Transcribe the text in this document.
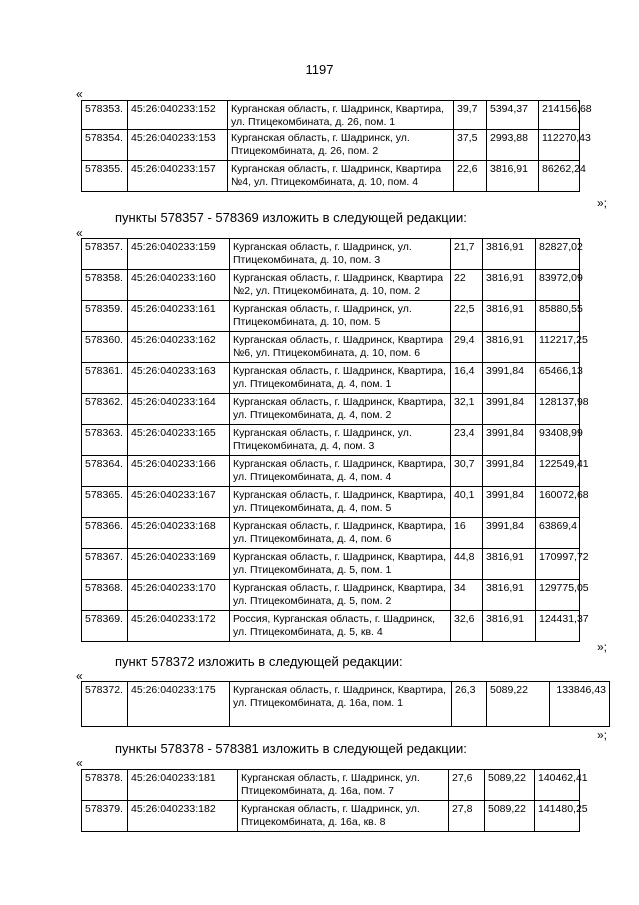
1197
«
578353.	45:26:040233:152	Курганская область, г. Шадринск, Квартира, ул. Птицекомбината, д. 26, пом. 1	39,7	5394,37	214156,68
578354.	45:26:040233:153	Курганская область, г. Шадринск, ул. Птицекомбината, д. 26, пом. 2	37,5	2993,88	112270,43
578355.	45:26:040233:157	Курганская область, г. Шадринск, Квартира №4, ул. Птицекомбината, д. 10, пом. 4	22,6	3816,91	86262,24
»;
пункты 578357 - 578369 изложить в следующей редакции:
«
578357.	45:26:040233:159	Курганская область, г. Шадринск, ул. Птицекомбината, д. 10, пом. 3	21,7	3816,91	82827,02
578358.	45:26:040233:160	Курганская область, г. Шадринск, Квартира №2, ул. Птицекомбината, д. 10, пом. 2	22	3816,91	83972,09
578359.	45:26:040233:161	Курганская область, г. Шадринск, ул. Птицекомбината, д. 10, пом. 5	22,5	3816,91	85880,55
578360.	45:26:040233:162	Курганская область, г. Шадринск, Квартира №6, ул. Птицекомбината, д. 10, пом. 6	29,4	3816,91	112217,25
578361.	45:26:040233:163	Курганская область, г. Шадринск, Квартира, ул. Птицекомбината, д. 4, пом. 1	16,4	3991,84	65466,13
578362.	45:26:040233:164	Курганская область, г. Шадринск, Квартира, ул. Птицекомбината, д. 4, пом. 2	32,1	3991,84	128137,98
578363.	45:26:040233:165	Курганская область, г. Шадринск, ул. Птицекомбината, д. 4, пом. 3	23,4	3991,84	93408,99
578364.	45:26:040233:166	Курганская область, г. Шадринск, Квартира, ул. Птицекомбината, д. 4, пом. 4	30,7	3991,84	122549,41
578365.	45:26:040233:167	Курганская область, г. Шадринск, Квартира, ул. Птицекомбината, д. 4, пом. 5	40,1	3991,84	160072,68
578366.	45:26:040233:168	Курганская область, г. Шадринск, Квартира, ул. Птицекомбината, д. 4, пом. 6	16	3991,84	63869,4
578367.	45:26:040233:169	Курганская область, г. Шадринск, Квартира, ул. Птицекомбината, д. 5, пом. 1	44,8	3816,91	170997,72
578368.	45:26:040233:170	Курганская область, г. Шадринск, Квартира, ул. Птицекомбината, д. 5, пом. 2	34	3816,91	129775,05
578369.	45:26:040233:172	Россия, Курганская область, г. Шадринск, ул. Птицекомбината, д. 5, кв. 4	32,6	3816,91	124431,37
»;
пункт 578372 изложить в следующей редакции:
«
578372.	45:26:040233:175	Курганская область, г. Шадринск, Квартира, ул. Птицекомбината, д. 16а, пом. 1	26,3	5089,22	133846,43
»;
пункты 578378 - 578381 изложить в следующей редакции:
«
578378.	45:26:040233:181	Курганская область, г. Шадринск, ул. Птицекомбината, д. 16а, пом. 7	27,6	5089,22	140462,41
578379.	45:26:040233:182	Курганская область, г. Шадринск, ул. Птицекомбината, д. 16а, кв. 8	27,8	5089,22	141480,25
